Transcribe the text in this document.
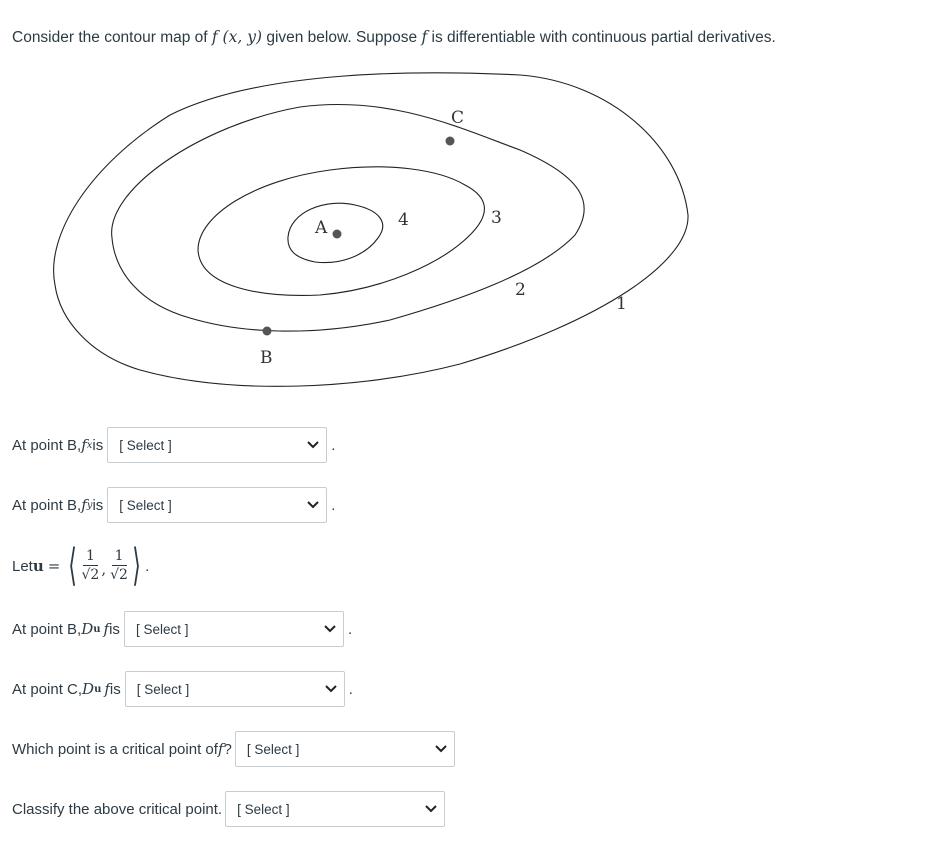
Consider the contour map of f (x, y) given below. Suppose f is differentiable with continuous partial derivatives.
A
B
C
4	3
2
1
At point B, f x is [ Select ]	.
At point B, f y is [ Select ]	.
Let u = ⟨ $\frac{1}{√2}$ , $\frac{1}{√2}$ ⟩ .
At point B, D u f is [ Select ]	.
At point C, D u f is [ Select ]	.
Which point is a critical point of f ? [ Select ]
Classify the above critical point. [ Select ]
